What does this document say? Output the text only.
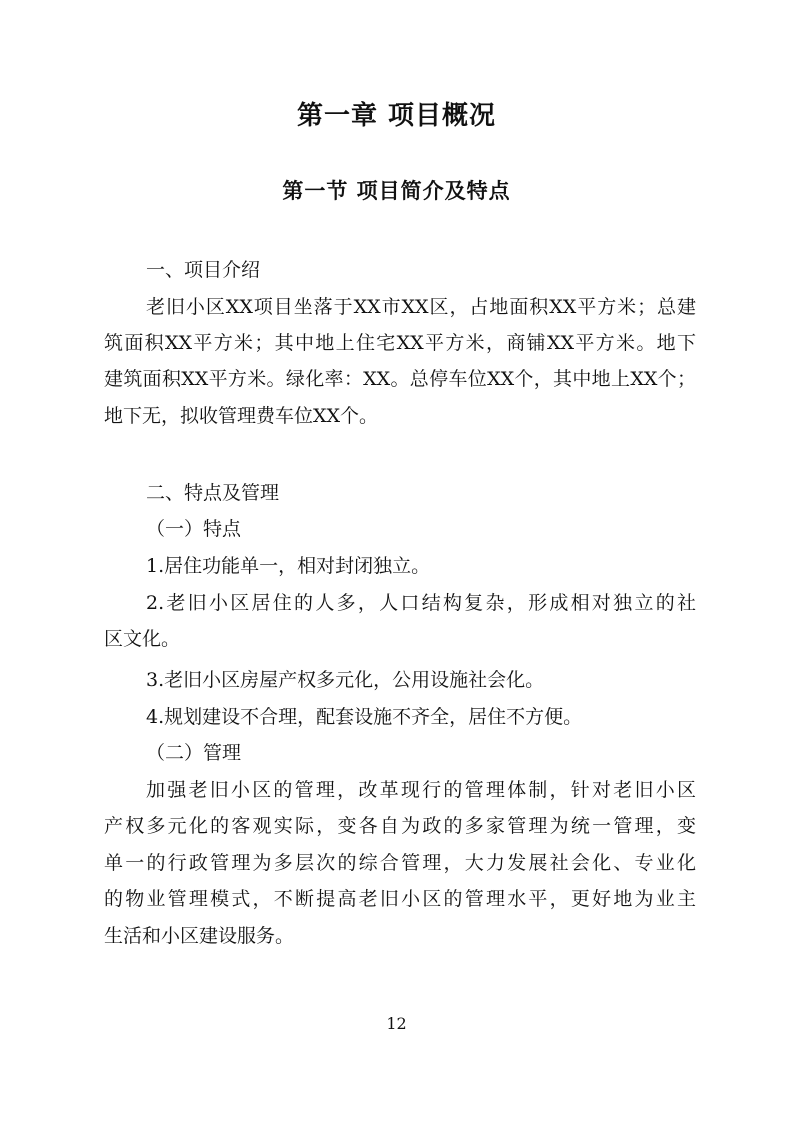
第一章 项目概况
第一节 项目简介及特点
一、项目介绍
老旧小区XX项目坐落于XX市XX区，占地面积XX平方米；总建
筑面积XX平方米；其中地上住宅XX平方米，商铺XX平方米。地下
建筑面积XX平方米。绿化率：XX。总停车位XX个，其中地上XX个；
地下无，拟收管理费车位XX个。
二、特点及管理
（一）特点
1.居住功能单一，相对封闭独立。
2.老旧小区居住的人多，人口结构复杂，形成相对独立的社
区文化。
3.老旧小区房屋产权多元化，公用设施社会化。
4.规划建设不合理，配套设施不齐全，居住不方便。
（二）管理
加强老旧小区的管理，改革现行的管理体制，针对老旧小区
产权多元化的客观实际，变各自为政的多家管理为统一管理，变
单一的行政管理为多层次的综合管理，大力发展社会化、专业化
的物业管理模式，不断提高老旧小区的管理水平，更好地为业主
生活和小区建设服务。
12
